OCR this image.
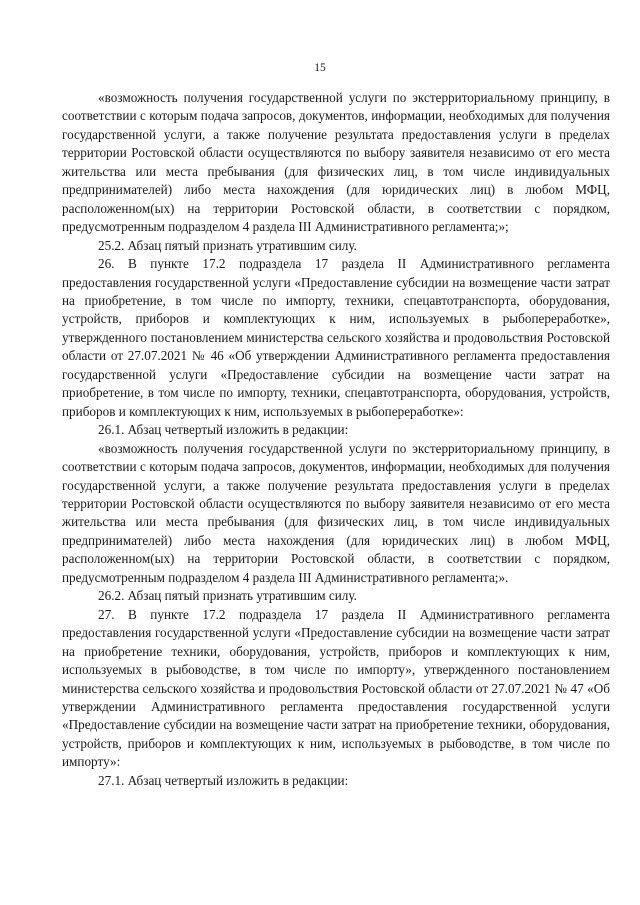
15

«возможность получения государственной услуги по экстерриториальному принципу, в соответствии с которым подача запросов, документов, информации, необходимых для получения государственной услуги, а также получение результата предоставления услуги в пределах территории Ростовской области осуществляются по выбору заявителя независимо от его места жительства или места пребывания (для физических лиц, в том числе индивидуальных предпринимателей) либо места нахождения (для юридических лиц) в любом МФЦ, расположенном(ых) на территории Ростовской области, в соответствии с порядком, предусмотренным подразделом 4 раздела III Административного регламента;»;

25.2. Абзац пятый признать утратившим силу.

26. В пункте 17.2 подраздела 17 раздела II Административного регламента предоставления государственной услуги «Предоставление субсидии на возмещение части затрат на приобретение, в том числе по импорту, техники, спецавтотранспорта, оборудования, устройств, приборов и комплектующих к ним, используемых в рыбопереработке», утвержденного постановлением министерства сельского хозяйства и продовольствия Ростовской области от 27.07.2021 № 46 «Об утверждении Административного регламента предоставления государственной услуги «Предоставление субсидии на возмещение части затрат на приобретение, в том числе по импорту, техники, спецавтотранспорта, оборудования, устройств, приборов и комплектующих к ним, используемых в рыбопереработке»:

26.1. Абзац четвертый изложить в редакции:

«возможность получения государственной услуги по экстерриториальному принципу, в соответствии с которым подача запросов, документов, информации, необходимых для получения государственной услуги, а также получение результата предоставления услуги в пределах территории Ростовской области осуществляются по выбору заявителя независимо от его места жительства или места пребывания (для физических лиц, в том числе индивидуальных предпринимателей) либо места нахождения (для юридических лиц) в любом МФЦ, расположенном(ых) на территории Ростовской области, в соответствии с порядком, предусмотренным подразделом 4 раздела III Административного регламента;».

26.2. Абзац пятый признать утратившим силу.

27. В пункте 17.2 подраздела 17 раздела II Административного регламента предоставления государственной услуги «Предоставление субсидии на возмещение части затрат на приобретение техники, оборудования, устройств, приборов и комплектующих к ним, используемых в рыбоводстве, в том числе по импорту», утвержденного постановлением министерства сельского хозяйства и продовольствия Ростовской области от 27.07.2021 № 47 «Об утверждении Административного регламента предоставления государственной услуги «Предоставление субсидии на возмещение части затрат на приобретение техники, оборудования, устройств, приборов и комплектующих к ним, используемых в рыбоводстве, в том числе по импорту»:

27.1. Абзац четвертый изложить в редакции:
